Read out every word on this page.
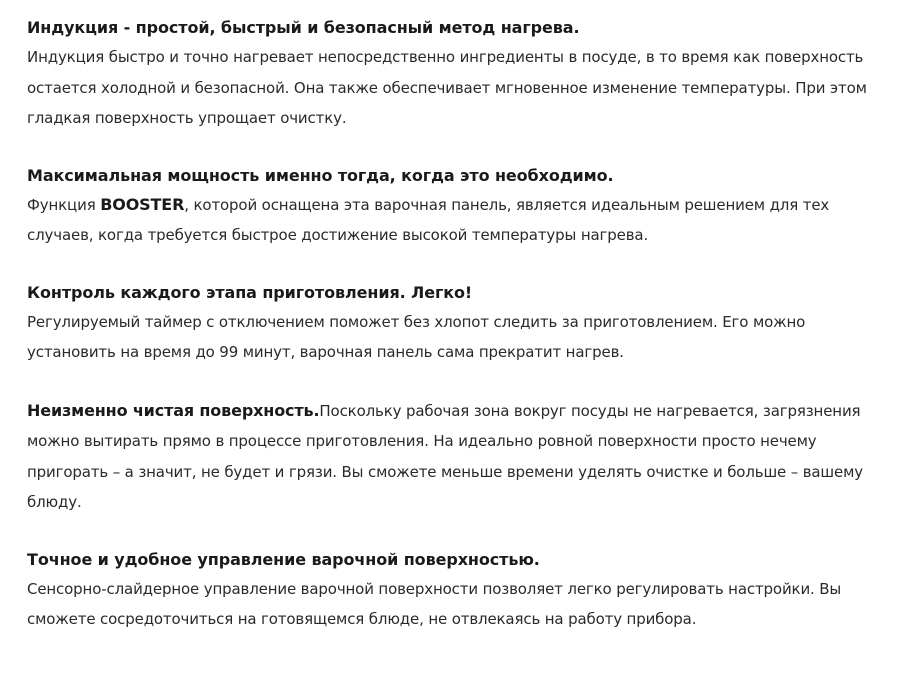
Индукция - простой, быстрый и безопасный метод нагрева.

Индукция быстро и точно нагревает непосредственно ингредиенты в посуде, в то время как поверхность остается холодной и безопасной. Она также обеспечивает мгновенное изменение температуры. При этом гладкая поверхность упрощает очистку.

Максимальная мощность именно тогда, когда это необходимо.

Функция BOOSTER, которой оснащена эта варочная панель, является идеальным решением для тех случаев, когда требуется быстрое достижение высокой температуры нагрева.

Контроль каждого этапа приготовления. Легко!

Регулируемый таймер с отключением поможет без хлопот следить за приготовлением. Его можно установить на время до 99 минут, варочная панель сама прекратит нагрев.

Неизменно чистая поверхность.Поскольку рабочая зона вокруг посуды не нагревается, загрязнения можно вытирать прямо в процессе приготовления. На идеально ровной поверхности просто нечему пригорать – а значит, не будет и грязи. Вы сможете меньше времени уделять очистке и больше – вашему блюду.

Точное и удобное управление варочной поверхностью.

Сенсорно-слайдерное управление варочной поверхности позволяет легко регулировать настройки. Вы сможете сосредоточиться на готовящемся блюде, не отвлекаясь на работу прибора.
